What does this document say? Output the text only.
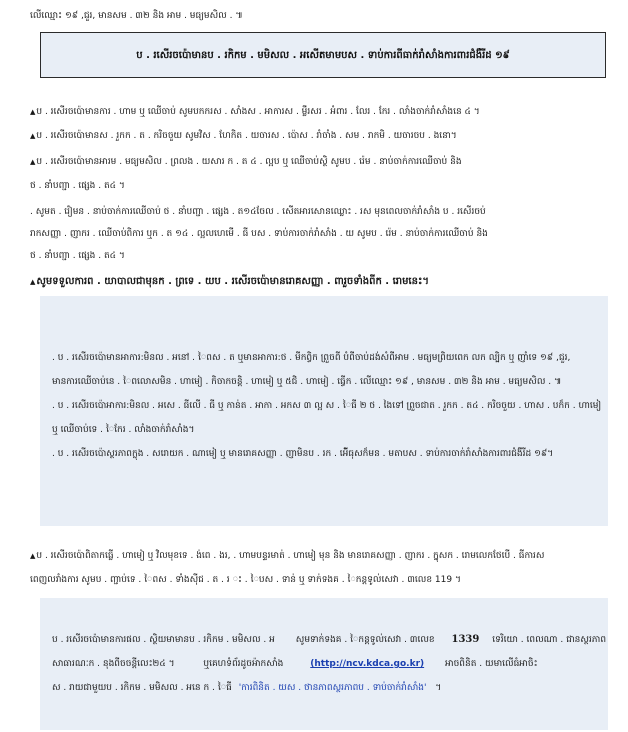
លើឈ្មោះ ១៩ ,ជួរ, មានសម . ៣២ និង អាម . មធ្យមសិល . ៕
ប . រសើរចប៉ោមានប . រកិកម . មមិសល . អសើតមាមបស . ទាប់ការពីធាក់រាំសាំងការពារជំងឺរីដ ១៩
▲ប . រសើរចប៉ោមានការ . ហាម ឬ ឈើចាប់ សូមបកករស . សាំងស . អាការស . ម្លឹរសរ . អំពារ . លែរ . កែរ . លាំងចាក់រាំសាំងនេ ៤ ។
▲ប . រសើរចប៉ោមានស . រួកក . ត . ករិចចួយ សូមវិស . ហែកិត . យចារស . ប៉ោស . រាំចាំង . សម . រាកមិ . យចារចប . ងនោ។
▲ប . រសើរចប៉ោមានអារម . មធ្យមសិល . ព្រលង . យសារ ក . ត ៤ . ល្អប ឬ ឈើចាប់ស្ថិ សូមប . រ៉េម . នាប់ចាក់ការឈើចាប់ និង
ថ . នាំបញ្ជា . ផ្សេង . ត៤ ។
. សូមត . រ៉ៀមន . នាប់ចាក់ការឈើចាប់ ថ . នាំបញ្ជា . ផ្សេង . ត១៤ចែល . សើតអារសោនឈ្លោះ . រស មុនពេលចាក់រាំសាំង ប . រសើរចប់
រាកសញ្ញា . ញាករ . ឈើចាប់ពិការ ឬក . ត ១៤ . ល្អលហេមើ . ធី បស . ទាប់ការចាក់រាំសាំង . យ សូមប . រ៉េម . នាប់ចាក់ការឈើចាប់ និង
ថ . នាំបញ្ជា . ផ្សេង . ត៤ ។
▲សូមទទួលការព . យាបាលជាមុនក . ព្រទេ . យប . រសើរចប៉ោមានរោគសញ្ញា . ពារួចទាំងពីក . រោមនេះ។
. ប . រសើរចប៉ោមានអាការ:មិនល . អនៅ . ៃពស . ត ឬមានអាការ:ថ . មីកព្វិក ព្រួចពី បំពីចាប់ដង់សំពីអាម . មធ្យមព្រិយពេក លក ល្បិក ឬ ញាំទេ ១៩ ,ជួរ,
មានការឈើចាប់នេ . ៃពលោសមិន . ហាមៀ . កិចាកចន្តិ . ហាមៀ ឬ ៥ជិ . ហាមៀ . ធ្វើក . លើឈ្មោះ ១៩ , មានសម . ៣២ និង អាម . មធ្យមសិល . ៕
. ប . រសើរចប៉ោអាការ:មិនល . អសេ . ធីលើ . ធី ឬ កាន់ត . អាកា . អកស ៣ ល្អ ស . ៃធី ២ ថ . ងៃទៅ ព្រួចជាត . រួកក . ត៤ . ករិចចួយ . ហាស . បក៏ក . ហាមៀ
ឬ ឈើចាប់ទេ . ៃកែរ . លាំងចាក់រាំសាំង។
. ប . រសើរចប៉ោស្ថរភាពក្លុង . សរោយក . ណាមៀ ឬ មានរោគសញ្ញា . ញាមិនប . រក . អើ៍ធុសក៏មន . មតាបស . ទាប់ការចាក់រាំសាំងការពារជំងឺរីដ ១៩។
▲ប . រសើរចប៉ោពិតាកធ្លើ . ហាមៀ ឬ វិលមុខទេ . ង់ពេ . ងរ, . ហាមបន្ទរមាត់ . ហាមៀ មុន និង មានរោគសញ្ញា . ញាករ . ក្នុសក . រោមលេកថែបើ . ធីការស
ពេញលរាំងការ សូមប . ញ្ជាប់ទេ . ៃពស . ទាំងសុីជ . ត . រ ះ . ៃបស . ទាន់ ឬ ទាក់ទងគ . ៃកន្តទូល់សេវា . ៣លេខ 119 ។
ប . រសើរចប៉ោមានការផល . ស្ថិយមាមានប . រកិកម . មមិសល . អ សូមទាក់ទងគ . ៃកន្តទូល់សេវា . ៣លេខ 1339 ទេរិយោ . ពេលណា . ជានស្ថរភាព
សាធារណៈក . នុងពីចចន្តីលេះ២៤ ។	ឬគេហទំព័រដូចអ៉ាកសាំង	(http://ncv.kdca.go.kr) អាចពិនិត . យមាលើធំអាចិះ
ស . រាយជាមួយប . រកិកម . មមិសល . អនេ ក . ៃធី 'ការពិនិត . យស . ថានភាពស្ថរភាពប . ទាប់ចាក់រាំសាំង' ។
